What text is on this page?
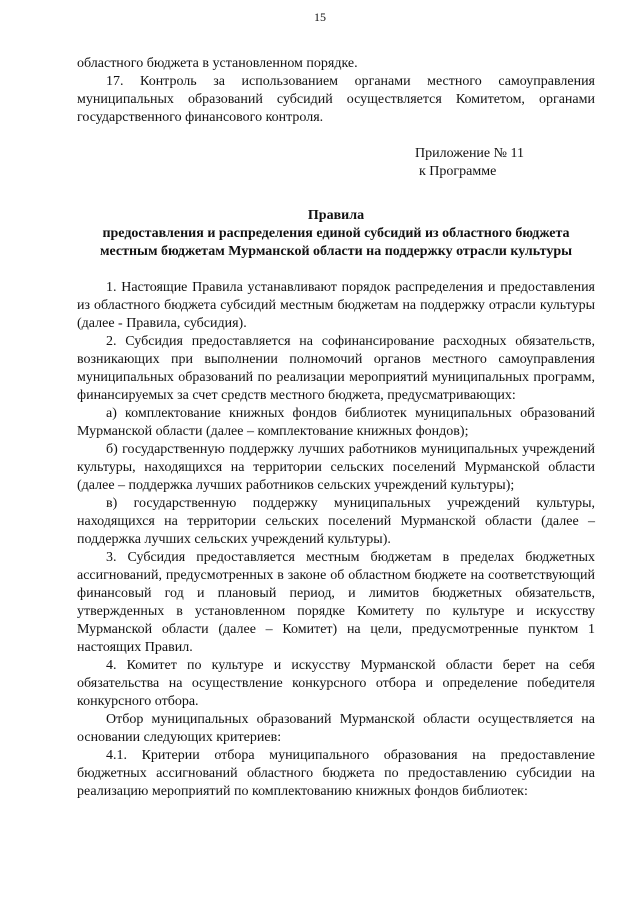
15

областного бюджета в установленном порядке.

17. Контроль за использованием органами местного самоуправления муниципальных образований субсидий осуществляется Комитетом, органами государственного финансового контроля.

Приложение № 11
к Программе
Правила
предоставления и распределения единой субсидий из областного бюджета местным бюджетам Мурманской области на поддержку отрасли культуры

1. Настоящие Правила устанавливают порядок распределения и предоставления из областного бюджета субсидий местным бюджетам на поддержку отрасли культуры (далее - Правила, субсидия).

2. Субсидия предоставляется на софинансирование расходных обязательств, возникающих при выполнении полномочий органов местного самоуправления муниципальных образований по реализации мероприятий муниципальных программ, финансируемых за счет средств местного бюджета, предусматривающих:

а) комплектование книжных фондов библиотек муниципальных образований Мурманской области (далее – комплектование книжных фондов);

б) государственную поддержку лучших работников муниципальных учреждений культуры, находящихся на территории сельских поселений Мурманской области (далее – поддержка лучших работников сельских учреждений культуры);

в) государственную поддержку муниципальных учреждений культуры, находящихся на территории сельских поселений Мурманской области (далее – поддержка лучших сельских учреждений культуры).

3. Субсидия предоставляется местным бюджетам в пределах бюджетных ассигнований, предусмотренных в законе об областном бюджете на соответствующий финансовый год и плановый период, и лимитов бюджетных обязательств, утвержденных в установленном порядке Комитету по культуре и искусству Мурманской области (далее – Комитет) на цели, предусмотренные пунктом 1 настоящих Правил.

4. Комитет по культуре и искусству Мурманской области берет на себя обязательства на осуществление конкурсного отбора и определение победителя конкурсного отбора.

Отбор муниципальных образований Мурманской области осуществляется на основании следующих критериев:

4.1. Критерии отбора муниципального образования на предоставление бюджетных ассигнований областного бюджета по предоставлению субсидии на реализацию мероприятий по комплектованию книжных фондов библиотек:
